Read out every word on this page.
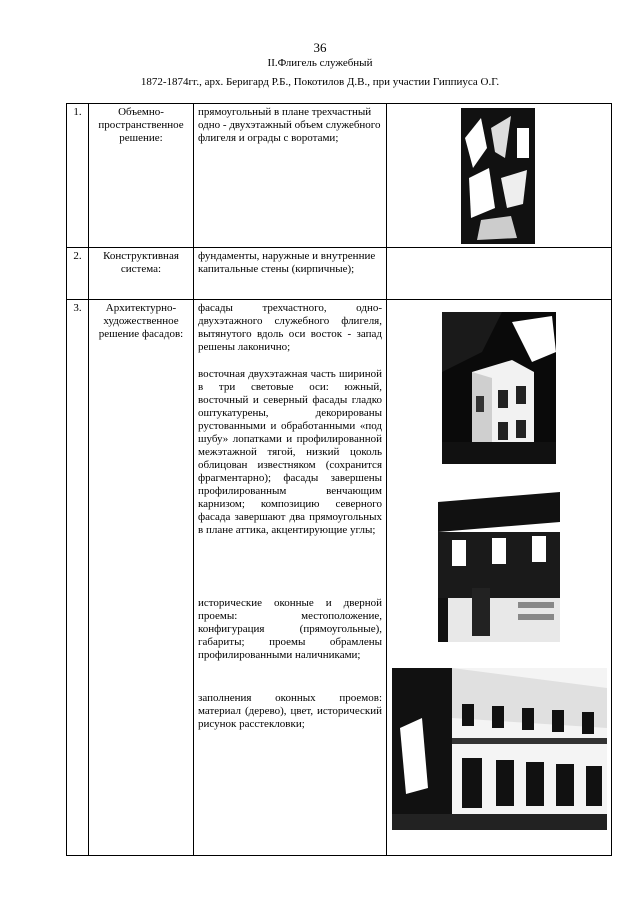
36
II.Флигель служебный
1872-1874гг., арх. Беригард Р.Б., Покотилов Д.В., при участии Гиппиуса О.Г.
1.	Объемно-пространственное решение:	прямоугольный в плане трехчастный одно - двухэтажный объем служебного флигеля и ограды с воротами;

2.	Конструктивная система:	фундаменты, наружные и внутренние капитальные стены (кирпичные);	

3.	Архитектурно-художественное решение фасадов:	фасады трехчастного, одно-двухэтажного служебного флигеля, вытянутого вдоль оси восток - запад решены лаконично;

восточная двухэтажная часть шириной в три световые оси: южный, восточный и северный фасады гладко оштукатурены, декорированы рустованными и обработанными «под шубу» лопатками и профилированной межэтажной тягой, низкий цоколь облицован известняком (сохранится фрагментарно); фасады завершены профилированным венчающим карнизом; композицию северного фасада завершают два прямоугольных в плане аттика, акцентирующие углы;

исторические оконные и дверной проемы: местоположение, конфигурация (прямоугольные), габариты; проемы обрамлены профилированными наличниками;

заполнения оконных проемов: материал (дерево), цвет, исторический рисунок расстекловки;
